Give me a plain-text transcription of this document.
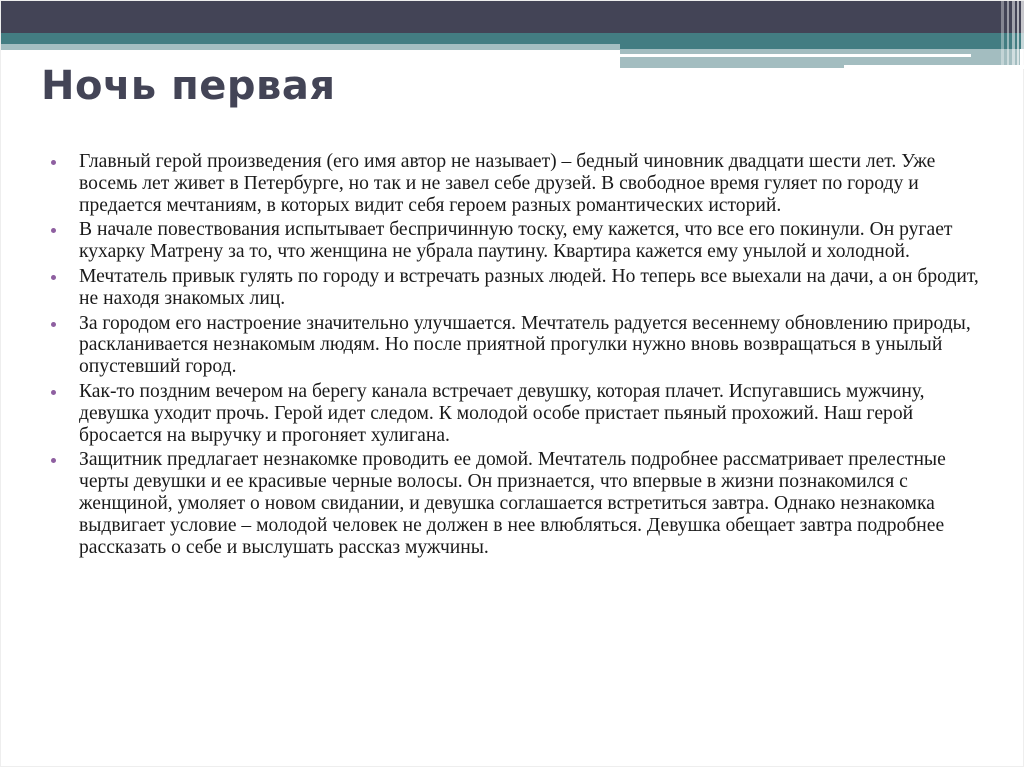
Ночь первая
Главный герой произведения (его имя автор не называет) – бедный чиновник двадцати шести лет. Уже восемь лет живет в Петербурге, но так и не завел себе друзей. В свободное время гуляет по городу и предается мечтаниям, в которых видит себя героем разных романтических историй.
В начале повествования испытывает беспричинную тоску, ему кажется, что все его покинули. Он ругает кухарку Матрену за то, что женщина не убрала паутину. Квартира кажется ему унылой и холодной.
Мечтатель привык гулять по городу и встречать разных людей. Но теперь все выехали на дачи, а он бродит, не находя знакомых лиц.
За городом его настроение значительно улучшается. Мечтатель радуется весеннему обновлению природы, раскланивается незнакомым людям. Но после приятной прогулки нужно вновь возвращаться в унылый опустевший город.
Как-то поздним вечером на берегу канала встречает девушку, которая плачет. Испугавшись мужчину, девушка уходит прочь. Герой идет следом. К молодой особе пристает пьяный прохожий. Наш герой бросается на выручку и прогоняет хулигана.
Защитник предлагает незнакомке проводить ее домой. Мечтатель подробнее рассматривает прелестные черты девушки и ее красивые черные волосы. Он признается, что впервые в жизни познакомился с женщиной, умоляет о новом свидании, и девушка соглашается встретиться завтра. Однако незнакомка выдвигает условие – молодой человек не должен в нее влюбляться. Девушка обещает завтра подробнее рассказать о себе и выслушать рассказ мужчины.
